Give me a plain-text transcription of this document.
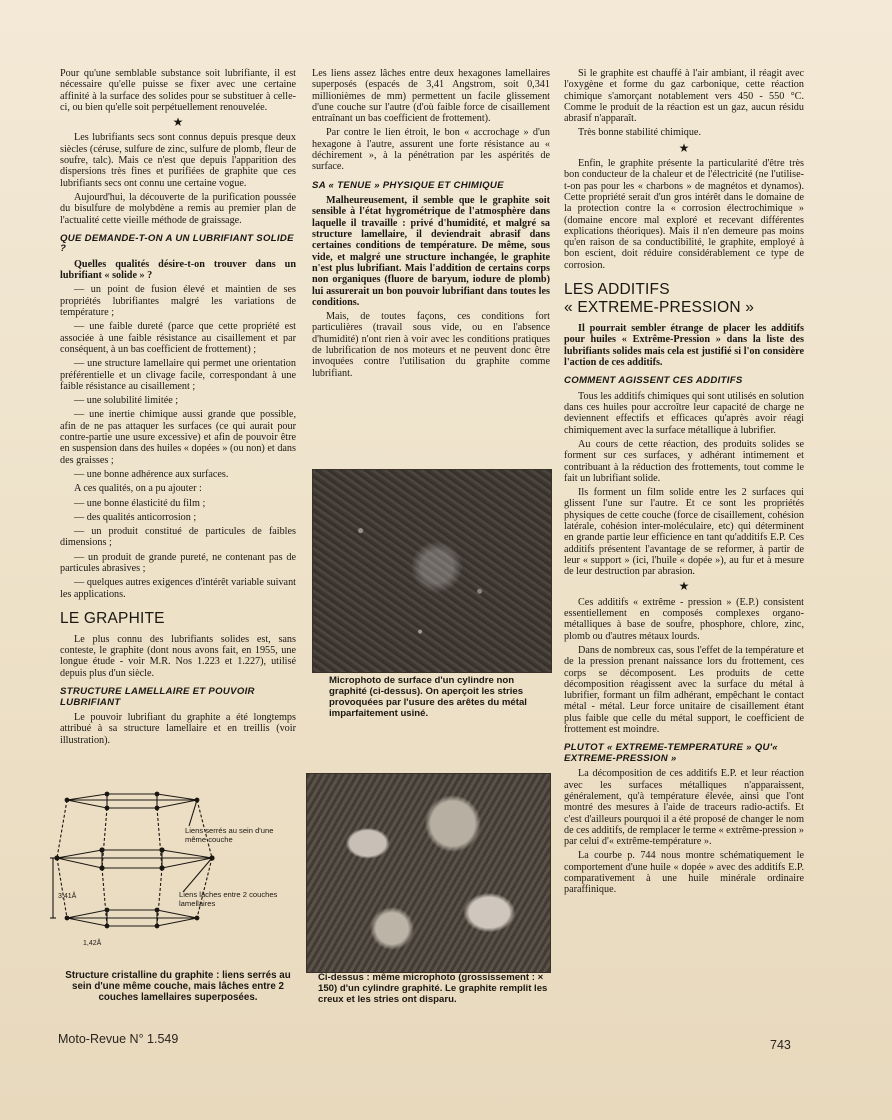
Pour qu'une semblable substance soit lubrifiante, il est nécessaire qu'elle puisse se fixer avec une certaine affinité à la surface des solides pour se substituer à celle-ci, ou bien qu'elle soit perpétuellement renouvelée.

★

Les lubrifiants secs sont connus depuis presque deux siècles (céruse, sulfure de zinc, sulfure de plomb, fleur de soufre, talc). Mais ce n'est que depuis l'apparition des dispersions très fines et purifiées de graphite que ces lubrifiants secs ont connu une certaine vogue.

Aujourd'hui, la découverte de la purification poussée du bisulfure de molybdène a remis au premier plan de l'actualité cette vieille méthode de graissage.

QUE DEMANDE-T-ON A UN LUBRIFIANT SOLIDE ?

Quelles qualités désire-t-on trouver dans un lubrifiant « solide » ?

— un point de fusion élevé et maintien de ses propriétés lubrifiantes malgré les variations de température ;

— une faible dureté (parce que cette propriété est associée à une faible résistance au cisaillement et par conséquent, à un bas coefficient de frottement) ;

— une structure lamellaire qui permet une orientation préférentielle et un clivage facile, correspondant à une faible résistance au cisaillement ;

— une solubilité limitée ;

— une inertie chimique aussi grande que possible, afin de ne pas attaquer les surfaces (ce qui aurait pour contre-partie une usure excessive) et afin de pouvoir être en suspension dans des huiles « dopées » (ou non) et dans des graisses ;

— une bonne adhérence aux surfaces.

A ces qualités, on a pu ajouter :

— une bonne élasticité du film ;

— des qualités anticorrosion ;

— un produit constitué de particules de faibles dimensions ;

— un produit de grande pureté, ne contenant pas de particules abrasives ;

— quelques autres exigences d'intérêt variable suivant les applications.

LE GRAPHITE

Le plus connu des lubrifiants solides est, sans conteste, le graphite (dont nous avons fait, en 1955, une longue étude - voir M.R. Nos 1.223 et 1.227), utilisé depuis plus d'un siècle.

STRUCTURE LAMELLAIRE ET POUVOIR LUBRIFIANT

Le pouvoir lubrifiant du graphite a été longtemps attribué à sa structure lamellaire et en treillis (voir illustration).

Liens serrés au sein d'une même couche
Liens lâches entre 2 couches lamellaires
3,41Å
1,42Å
Structure cristalline du graphite : liens serrés au sein d'une même couche, mais lâches entre 2 couches lamellaires superposées.

Les liens assez lâches entre deux hexagones lamellaires superposés (espacés de 3,41 Angstrom, soit 0,341 millionièmes de mm) permettent un facile glissement d'une couche sur l'autre (d'où faible force de cisaillement entraînant un bas coefficient de frottement).

Par contre le lien étroit, le bon « accrochage » d'un hexagone à l'autre, assurent une forte résistance au « déchirement », à la pénétration par les aspérités de surface.

SA « TENUE » PHYSIQUE ET CHIMIQUE

Malheureusement, il semble que le graphite soit sensible à l'état hygrométrique de l'atmosphère dans laquelle il travaille : privé d'humidité, et malgré sa structure lamellaire, il deviendrait abrasif dans certaines conditions de température. De même, sous vide, et malgré une structure inchangée, le graphite n'est plus lubrifiant. Mais l'addition de certains corps non organiques (fluore de baryum, iodure de plomb) lui assurerait un bon pouvoir lubrifiant dans toutes les conditions.

Mais, de toutes façons, ces conditions fort particulières (travail sous vide, ou en l'absence d'humidité) n'ont rien à voir avec les conditions pratiques de lubrification de nos moteurs et ne peuvent donc être invoquées contre l'utilisation du graphite comme lubrifiant.

Microphoto de surface d'un cylindre non graphité (ci-dessus). On aperçoit les stries provoquées par l'usure des arêtes du métal imparfaitement usiné.
Ci-dessus : même microphoto (grossissement : × 150) d'un cylindre graphité. Le graphite remplit les creux et les stries ont disparu.

Si le graphite est chauffé à l'air ambiant, il réagit avec l'oxygène et forme du gaz carbonique, cette réaction chimique s'amorçant notablement vers 450 - 550 °C. Comme le produit de la réaction est un gaz, aucun résidu abrasif n'apparaît.

Très bonne stabilité chimique.

★

Enfin, le graphite présente la particularité d'être très bon conducteur de la chaleur et de l'électricité (ne l'utilise-t-on pas pour les « charbons » de magnétos et dynamos). Cette propriété serait d'un gros intérêt dans le domaine de la protection contre la « corrosion électrochimique » (domaine encore mal exploré et recevant différentes explications théoriques). Mais il n'en demeure pas moins qu'en raison de sa conductibilité, le graphite, employé à bon escient, doit réduire considérablement ce type de corrosion.

LES ADDITIFS
« EXTREME-PRESSION »

Il pourrait sembler étrange de placer les additifs pour huiles « Extrême-Pression » dans la liste des lubrifiants solides mais cela est justifié si l'on considère l'action de ces additifs.

COMMENT AGISSENT CES ADDITIFS

Tous les additifs chimiques qui sont utilisés en solution dans ces huiles pour accroître leur capacité de charge ne deviennent effectifs et efficaces qu'après avoir réagi chimiquement avec la surface métallique à lubrifier.

Au cours de cette réaction, des produits solides se forment sur ces surfaces, y adhérant intimement et contribuant à la réduction des frottements, tout comme le fait un lubrifiant solide.

Ils forment un film solide entre les 2 surfaces qui glissent l'une sur l'autre. Et ce sont les propriétés physiques de cette couche (force de cisaillement, cohésion latérale, cohésion inter-moléculaire, etc) qui déterminent en grande partie leur efficience en tant qu'additifs E.P. Ces additifs présentent l'avantage de se reformer, à partir de leur « support » (ici, l'huile « dopée »), au fur et à mesure de leur destruction par abrasion.

★

Ces additifs « extrême - pression » (E.P.) consistent essentiellement en composés complexes organo-métalliques à base de soufre, phosphore, chlore, zinc, plomb ou d'autres métaux lourds.

Dans de nombreux cas, sous l'effet de la température et de la pression prenant naissance lors du frottement, ces corps se décomposent. Les produits de cette décomposition réagissent avec la surface du métal à lubrifier, formant un film adhérant, empêchant le contact métal - métal. Leur force unitaire de cisaillement étant plus faible que celle du métal support, le coefficient de frottement est moindre.

PLUTOT « EXTREME-TEMPERATURE » QU'« EXTREME-PRESSION »

La décomposition de ces additifs E.P. et leur réaction avec les surfaces métalliques n'apparaissent, généralement, qu'à température élevée, ainsi que l'ont montré des mesures à l'aide de traceurs radio-actifs. Et c'est d'ailleurs pourquoi il a été proposé de changer le nom de ces additifs, de remplacer le terme « extrême-pression » par celui d'« extrême-température ».

La courbe p. 744 nous montre schématiquement le comportement d'une huile « dopée » avec des additifs E.P. comparativement à une huile minérale ordinaire paraffinique.

Moto-Revue N° 1.549	743
